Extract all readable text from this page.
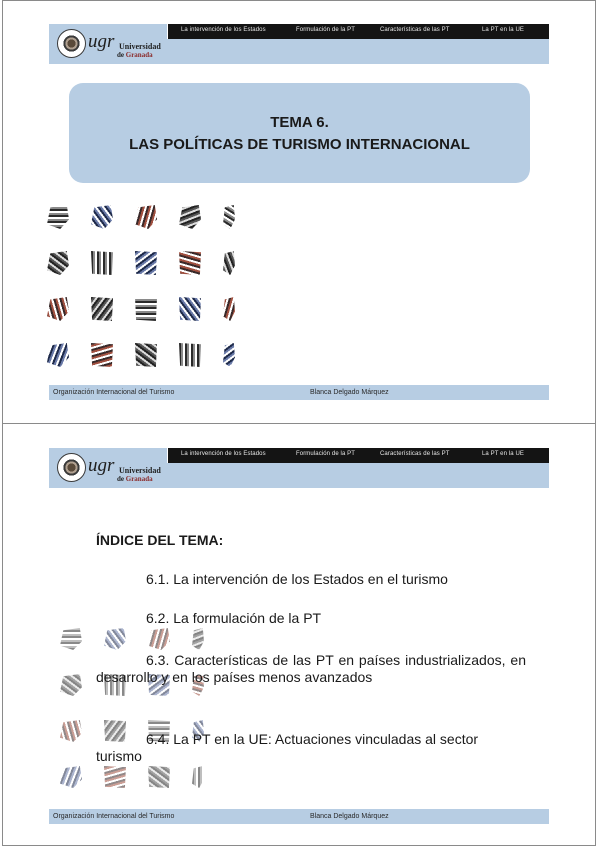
La intervención de los Estados	Formulación de la PT	Características de las PT	La PT en la UE
ugr Universidad
de Granada
TEMA 6.
LAS POLÍTICAS DE TURISMO INTERNACIONAL
Organización Internacional del Turismo	Blanca Delgado Márquez
La intervención de los Estados	Formulación de la PT	Características de las PT	La PT en la UE
ugr Universidad
de Granada
ÍNDICE DEL TEMA:
6.1. La intervención de los Estados en el turismo
6.2. La formulación de la PT
6.3. Características de las PT en países industrializados, en desarrollo y en los países menos avanzados
6.4. La PT en la UE: Actuaciones vinculadas al sector turismo
Organización Internacional del Turismo	Blanca Delgado Márquez
